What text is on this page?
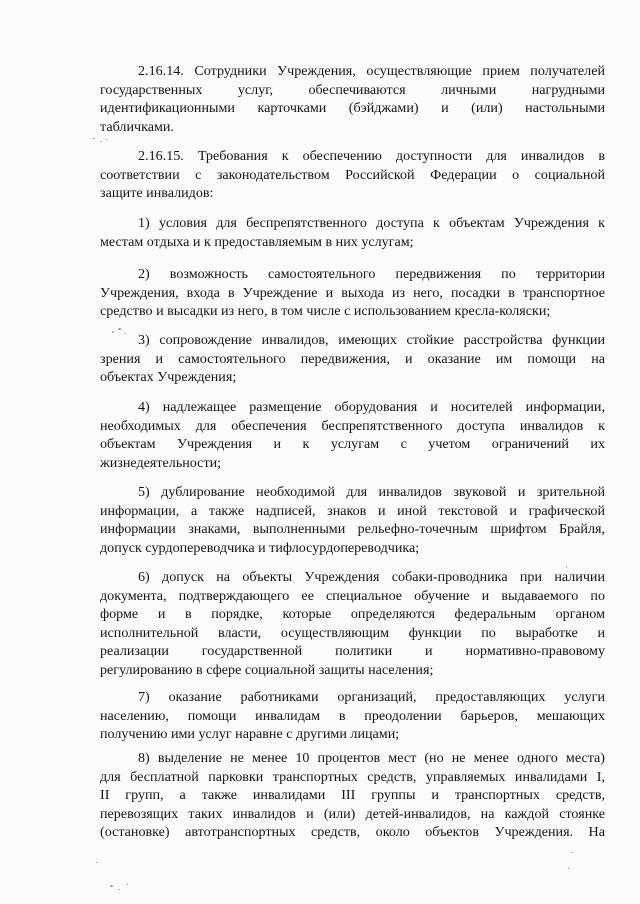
2.16.14. Сотрудники Учреждения, осуществляющие прием получателей
государственных услуг, обеспечиваются личными нагрудными
идентификационными карточками (бэйджами) и (или) настольными
табличками.

2.16.15. Требования к обеспечению доступности для инвалидов в
соответствии с законодательством Российской Федерации о социальной
защите инвалидов:

1) условия для беспрепятственного доступа к объектам Учреждения к
местам отдыха и к предоставляемым в них услугам;

2) возможность самостоятельного передвижения по территории
Учреждения, входа в Учреждение и выхода из него, посадки в транспортное
средство и высадки из него, в том числе с использованием кресла-коляски;

3) сопровождение инвалидов, имеющих стойкие расстройства функции
зрения и самостоятельного передвижения, и оказание им помощи на
объектах Учреждения;

4) надлежащее размещение оборудования и носителей информации,
необходимых для обеспечения беспрепятственного доступа инвалидов к
объектам Учреждения и к услугам с учетом ограничений их
жизнедеятельности;

5) дублирование необходимой для инвалидов звуковой и зрительной
информации, а также надписей, знаков и иной текстовой и графической
информации знаками, выполненными рельефно-точечным шрифтом Брайля,
допуск сурдопереводчика и тифлосурдопереводчика;

6) допуск на объекты Учреждения собаки-проводника при наличии
документа, подтверждающего ее специальное обучение и выдаваемого по
форме и в порядке, которые определяются федеральным органом
исполнительной власти, осуществляющим функции по выработке и
реализации государственной политики и нормативно-правовому
регулированию в сфере социальной защиты населения;

7) оказание работниками организаций, предоставляющих услуги
населению, помощи инвалидам в преодолении барьеров, мешающих
получению ими услуг наравне с другими лицами;

8) выделение не менее 10 процентов мест (но не менее одного места)
для бесплатной парковки транспортных средств, управляемых инвалидами I,
II групп, а также инвалидами III группы и транспортных средств,
перевозящих таких инвалидов и (или) детей-инвалидов, на каждой стоянке
(остановке) автотранспортных средств, около объектов Учреждения. На
